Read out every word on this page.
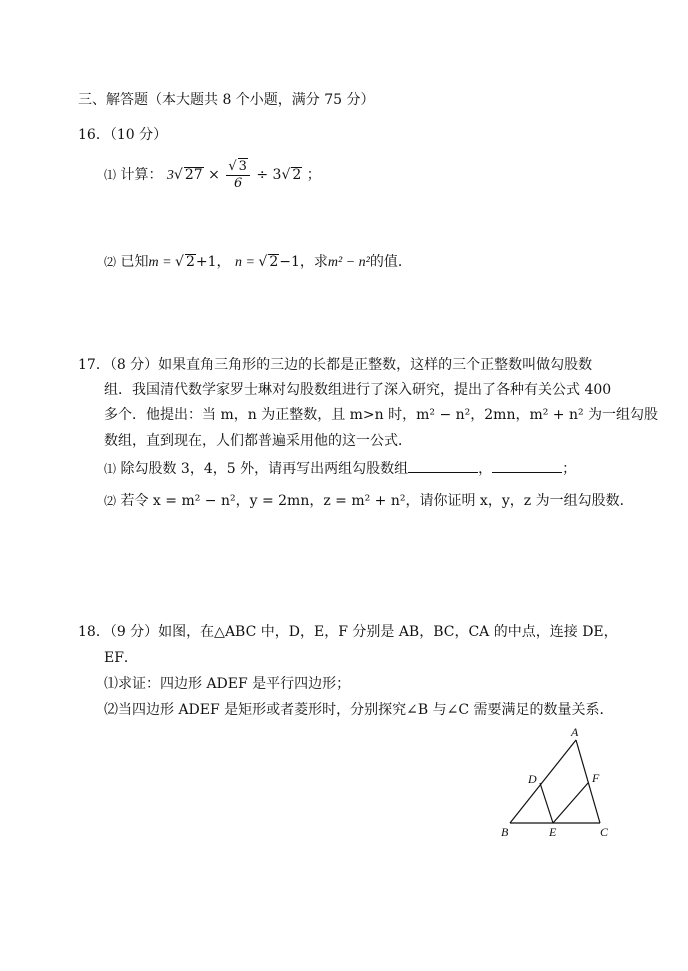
三、解答题（本大题共 8 个小题，满分 75 分）
16．（10 分）
⑴ 计算： 3√ $27 \times \frac{√ 3}{6} \div 3√$ 2 ；
⑵ 已知m = √ 2+1， n = √ 2−1，求m² − n²的值．
17．（8 分）如果直角三角形的三边的长都是正整数，这样的三个正整数叫做勾股数
组．我国清代数学家罗士琳对勾股数组进行了深入研究，提出了各种有关公式 400
多个．他提出：当 m，n 为正整数，且 m>n 时，m² − n²，2mn，m² + n² 为一组勾股
数组，直到现在，人们都普遍采用他的这一公式．
⑴ 除勾股数 3，4，5 外，请再写出两组勾股数组	，	；
⑵ 若令 x = m² − n²，y = 2mn，z = m² + n²，请你证明 x，y，z 为一组勾股数．
18．（9 分）如图，在△ABC 中，D，E，F 分别是 AB，BC，CA 的中点，连接 DE，
EF．
⑴求证：四边形 ADEF 是平行四边形；
⑵当四边形 ADEF 是矩形或者菱形时，分别探究∠B 与∠C 需要满足的数量关系．
A
B	C
D
E
F
